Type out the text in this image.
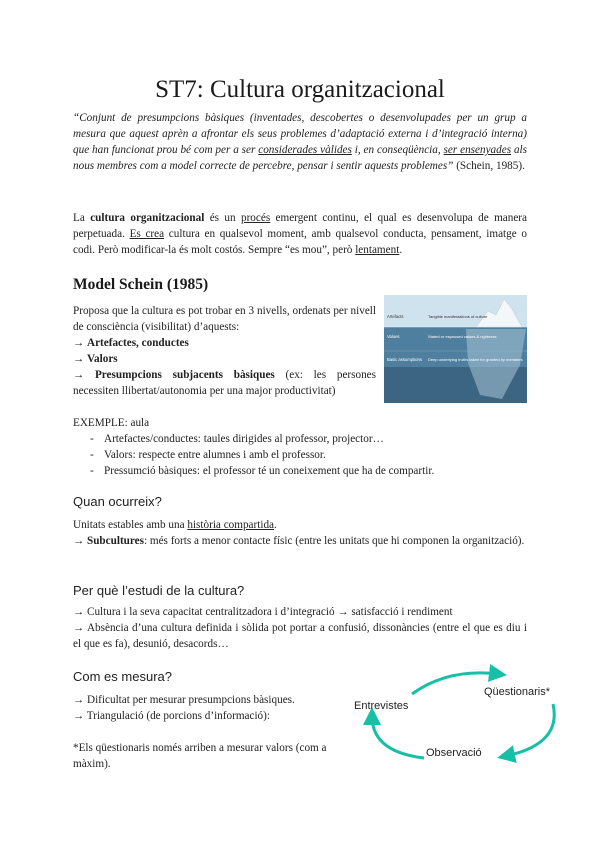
ST7: Cultura organitzacional
“Conjunt de presumpcions bàsiques (inventades, descobertes o desenvolupades per un grup a mesura que aquest aprèn a afrontar els seus problemes d’adaptació externa i d’integració interna) que han funcionat prou bé com per a ser considerades vàlides i, en conseqüència, ser ensenyades als nous membres com a model correcte de percebre, pensar i sentir aquests problemes” (Schein, 1985).
La cultura organitzacional és un procés emergent continu, el qual es desenvolupa de manera perpetuada. Es crea cultura en qualsevol moment, amb qualsevol conducta, pensament, imatge o codi. Però modificar-la és molt costós. Sempre “es mou”, però lentament.
Model Schein (1985)
Proposa que la cultura es pot trobar en 3 nivells, ordenats per nivell de consciència (visibilitat) d’aquests:
→ Artefactes, conductes
→ Valors
→ Presumpcions subjacents bàsiques (ex: les persones necessiten llibertat/autonomia per una major productivitat)
Artefacts	Tangible manifestations of culture
Values	Stated or espoused values & rightness
Basic assumptions Deep underlying truths taken for granted by members
EXEMPLE: aula
- Artefactes/conductes: taules dirigides al professor, projector…
- Valors: respecte entre alumnes i amb el professor.
- Pressumció bàsiques: el professor té un coneixement que ha de compartir.
Quan ocurreix?
Unitats estables amb una història compartida.
→ Subcultures: més forts a menor contacte físic (entre les unitats que hi componen la organització).
Per què l’estudi de la cultura?
→ Cultura i la seva capacitat centralitzadora i d’integració → satisfacció i rendiment
→ Absència d’una cultura definida i sòlida pot portar a confusió, dissonàncies (entre el que es diu i el que es fa), desunió, desacords…
Com es mesura?
→ Dificultat per mesurar presumpcions bàsiques.
→ Triangulació (de porcions d’informació):
*Els qüestionaris només arriben a mesurar valors (com a màxim).
Qüestionaris*
Entrevistes
Observació
